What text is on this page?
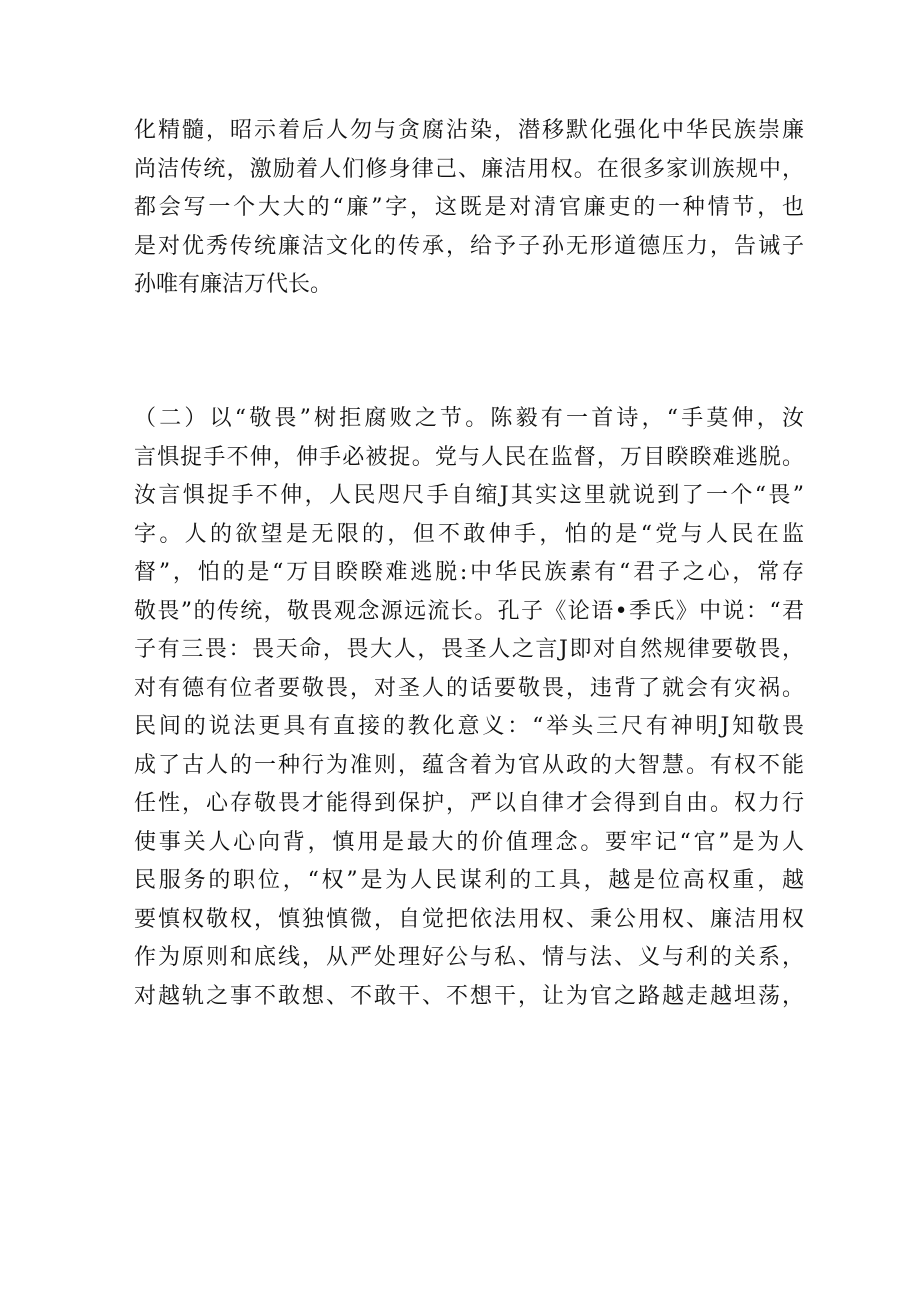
化精髓，昭示着后人勿与贪腐沾染，潜移默化强化中华民族崇廉
尚洁传统，激励着人们修身律己、廉洁用权。在很多家训族规中，
都会写一个大大的“廉”字，这既是对清官廉吏的一种情节，也
是对优秀传统廉洁文化的传承，给予子孙无形道德压力，告诫子
孙唯有廉洁万代长。
（二）以“敬畏”树拒腐败之节。陈毅有一首诗，“手莫伸，汝
言惧捉手不伸，伸手必被捉。党与人民在监督，万目睽睽难逃脱。
汝言惧捉手不伸，人民咫尺手自缩J其实这里就说到了一个“畏”
字。人的欲望是无限的，但不敢伸手，怕的是“党与人民在监
督”，怕的是“万目睽睽难逃脱:中华民族素有“君子之心，常存
敬畏”的传统，敬畏观念源远流长。孔子《论语•季氏》中说：“君
子有三畏：畏天命，畏大人，畏圣人之言J即对自然规律要敬畏，
对有德有位者要敬畏，对圣人的话要敬畏，违背了就会有灾祸。
民间的说法更具有直接的教化意义：“举头三尺有神明J知敬畏
成了古人的一种行为准则，蕴含着为官从政的大智慧。有权不能
任性，心存敬畏才能得到保护，严以自律才会得到自由。权力行
使事关人心向背，慎用是最大的价值理念。要牢记“官”是为人
民服务的职位，“权”是为人民谋利的工具，越是位高权重，越
要慎权敬权，慎独慎微，自觉把依法用权、秉公用权、廉洁用权
作为原则和底线，从严处理好公与私、情与法、义与利的关系，
对越轨之事不敢想、不敢干、不想干，让为官之路越走越坦荡，
